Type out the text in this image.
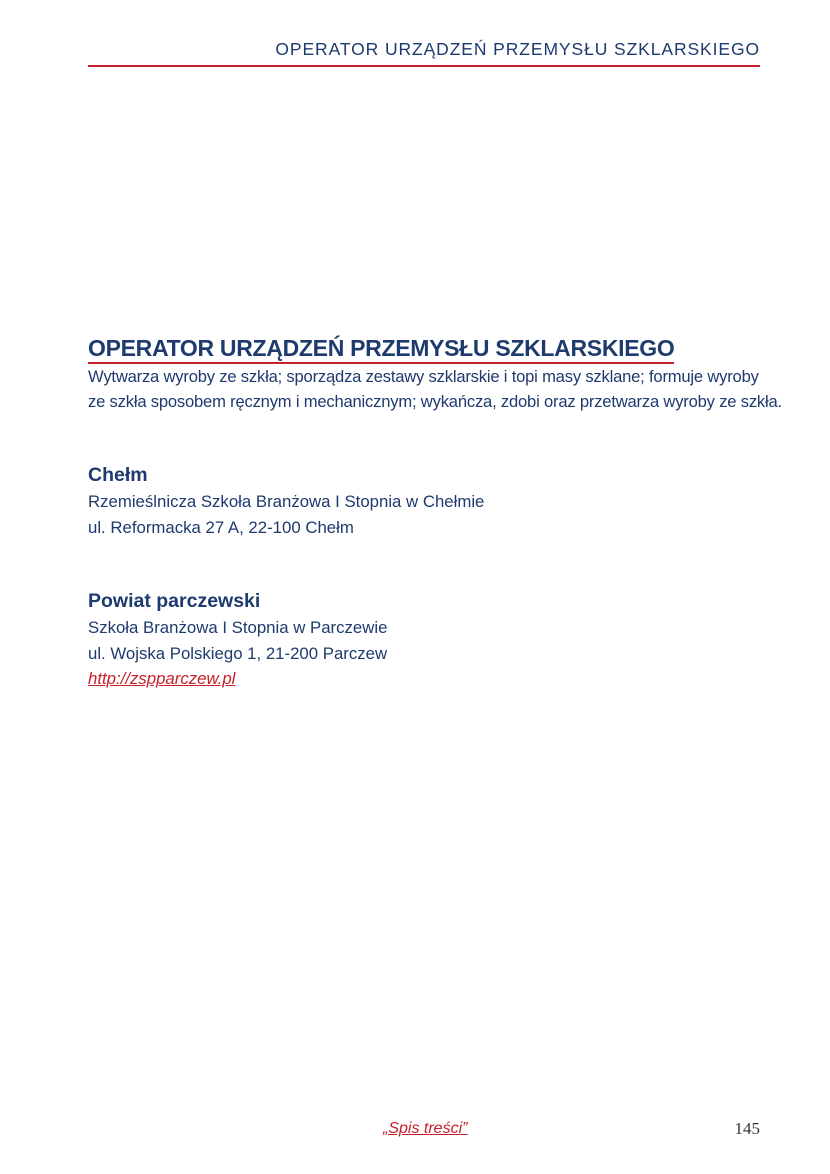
OPERATOR URZĄDZEŃ PRZEMYSŁU SZKLARSKIEGO
OPERATOR URZĄDZEŃ PRZEMYSŁU SZKLARSKIEGO

Wytwarza wyroby ze szkła; sporządza zestawy szklarskie i topi masy szklane; formuje wyroby
ze szkła sposobem ręcznym i mechanicznym; wykańcza, zdobi oraz przetwarza wyroby ze szkła.

Chełm

Rzemieślnicza Szkoła Branżowa I Stopnia w Chełmie

ul. Reformacka 27 A, 22-100 Chełm

Powiat parczewski

Szkoła Branżowa I Stopnia w Parczewie

ul. Wojska Polskiego 1, 21-200 Parczew

http://zspparczew.pl
„Spis treści”	145
